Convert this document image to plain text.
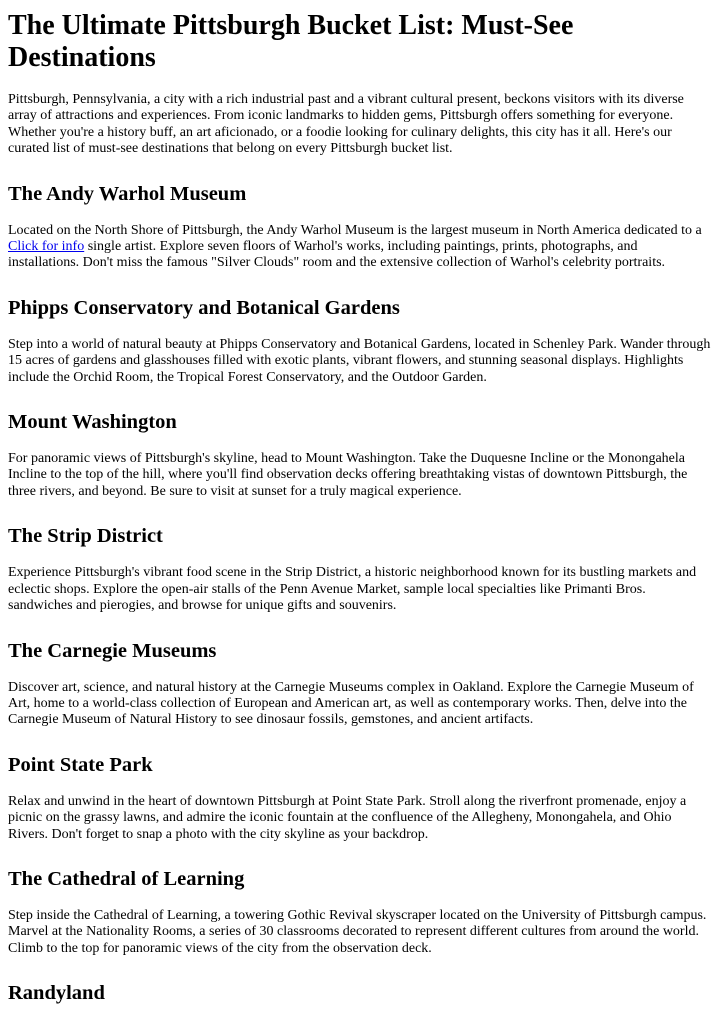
The Ultimate Pittsburgh Bucket List: Must-See Destinations

Pittsburgh, Pennsylvania, a city with a rich industrial past and a vibrant cultural present, beckons visitors with its diverse array of attractions and experiences. From iconic landmarks to hidden gems, Pittsburgh offers something for everyone. Whether you're a history buff, an art aficionado, or a foodie looking for culinary delights, this city has it all. Here's our curated list of must-see destinations that belong on every Pittsburgh bucket list.

The Andy Warhol Museum

Located on the North Shore of Pittsburgh, the Andy Warhol Museum is the largest museum in North America dedicated to a Click for info single artist. Explore seven floors of Warhol's works, including paintings, prints, photographs, and installations. Don't miss the famous "Silver Clouds" room and the extensive collection of Warhol's celebrity portraits.

Phipps Conservatory and Botanical Gardens

Step into a world of natural beauty at Phipps Conservatory and Botanical Gardens, located in Schenley Park. Wander through 15 acres of gardens and glasshouses filled with exotic plants, vibrant flowers, and stunning seasonal displays. Highlights include the Orchid Room, the Tropical Forest Conservatory, and the Outdoor Garden.

Mount Washington

For panoramic views of Pittsburgh's skyline, head to Mount Washington. Take the Duquesne Incline or the Monongahela Incline to the top of the hill, where you'll find observation decks offering breathtaking vistas of downtown Pittsburgh, the three rivers, and beyond. Be sure to visit at sunset for a truly magical experience.

The Strip District

Experience Pittsburgh's vibrant food scene in the Strip District, a historic neighborhood known for its bustling markets and eclectic shops. Explore the open-air stalls of the Penn Avenue Market, sample local specialties like Primanti Bros. sandwiches and pierogies, and browse for unique gifts and souvenirs.

The Carnegie Museums

Discover art, science, and natural history at the Carnegie Museums complex in Oakland. Explore the Carnegie Museum of Art, home to a world-class collection of European and American art, as well as contemporary works. Then, delve into the Carnegie Museum of Natural History to see dinosaur fossils, gemstones, and ancient artifacts.

Point State Park

Relax and unwind in the heart of downtown Pittsburgh at Point State Park. Stroll along the riverfront promenade, enjoy a picnic on the grassy lawns, and admire the iconic fountain at the confluence of the Allegheny, Monongahela, and Ohio Rivers. Don't forget to snap a photo with the city skyline as your backdrop.

The Cathedral of Learning

Step inside the Cathedral of Learning, a towering Gothic Revival skyscraper located on the University of Pittsburgh campus. Marvel at the Nationality Rooms, a series of 30 classrooms decorated to represent different cultures from around the world. Climb to the top for panoramic views of the city from the observation deck.

Randyland
